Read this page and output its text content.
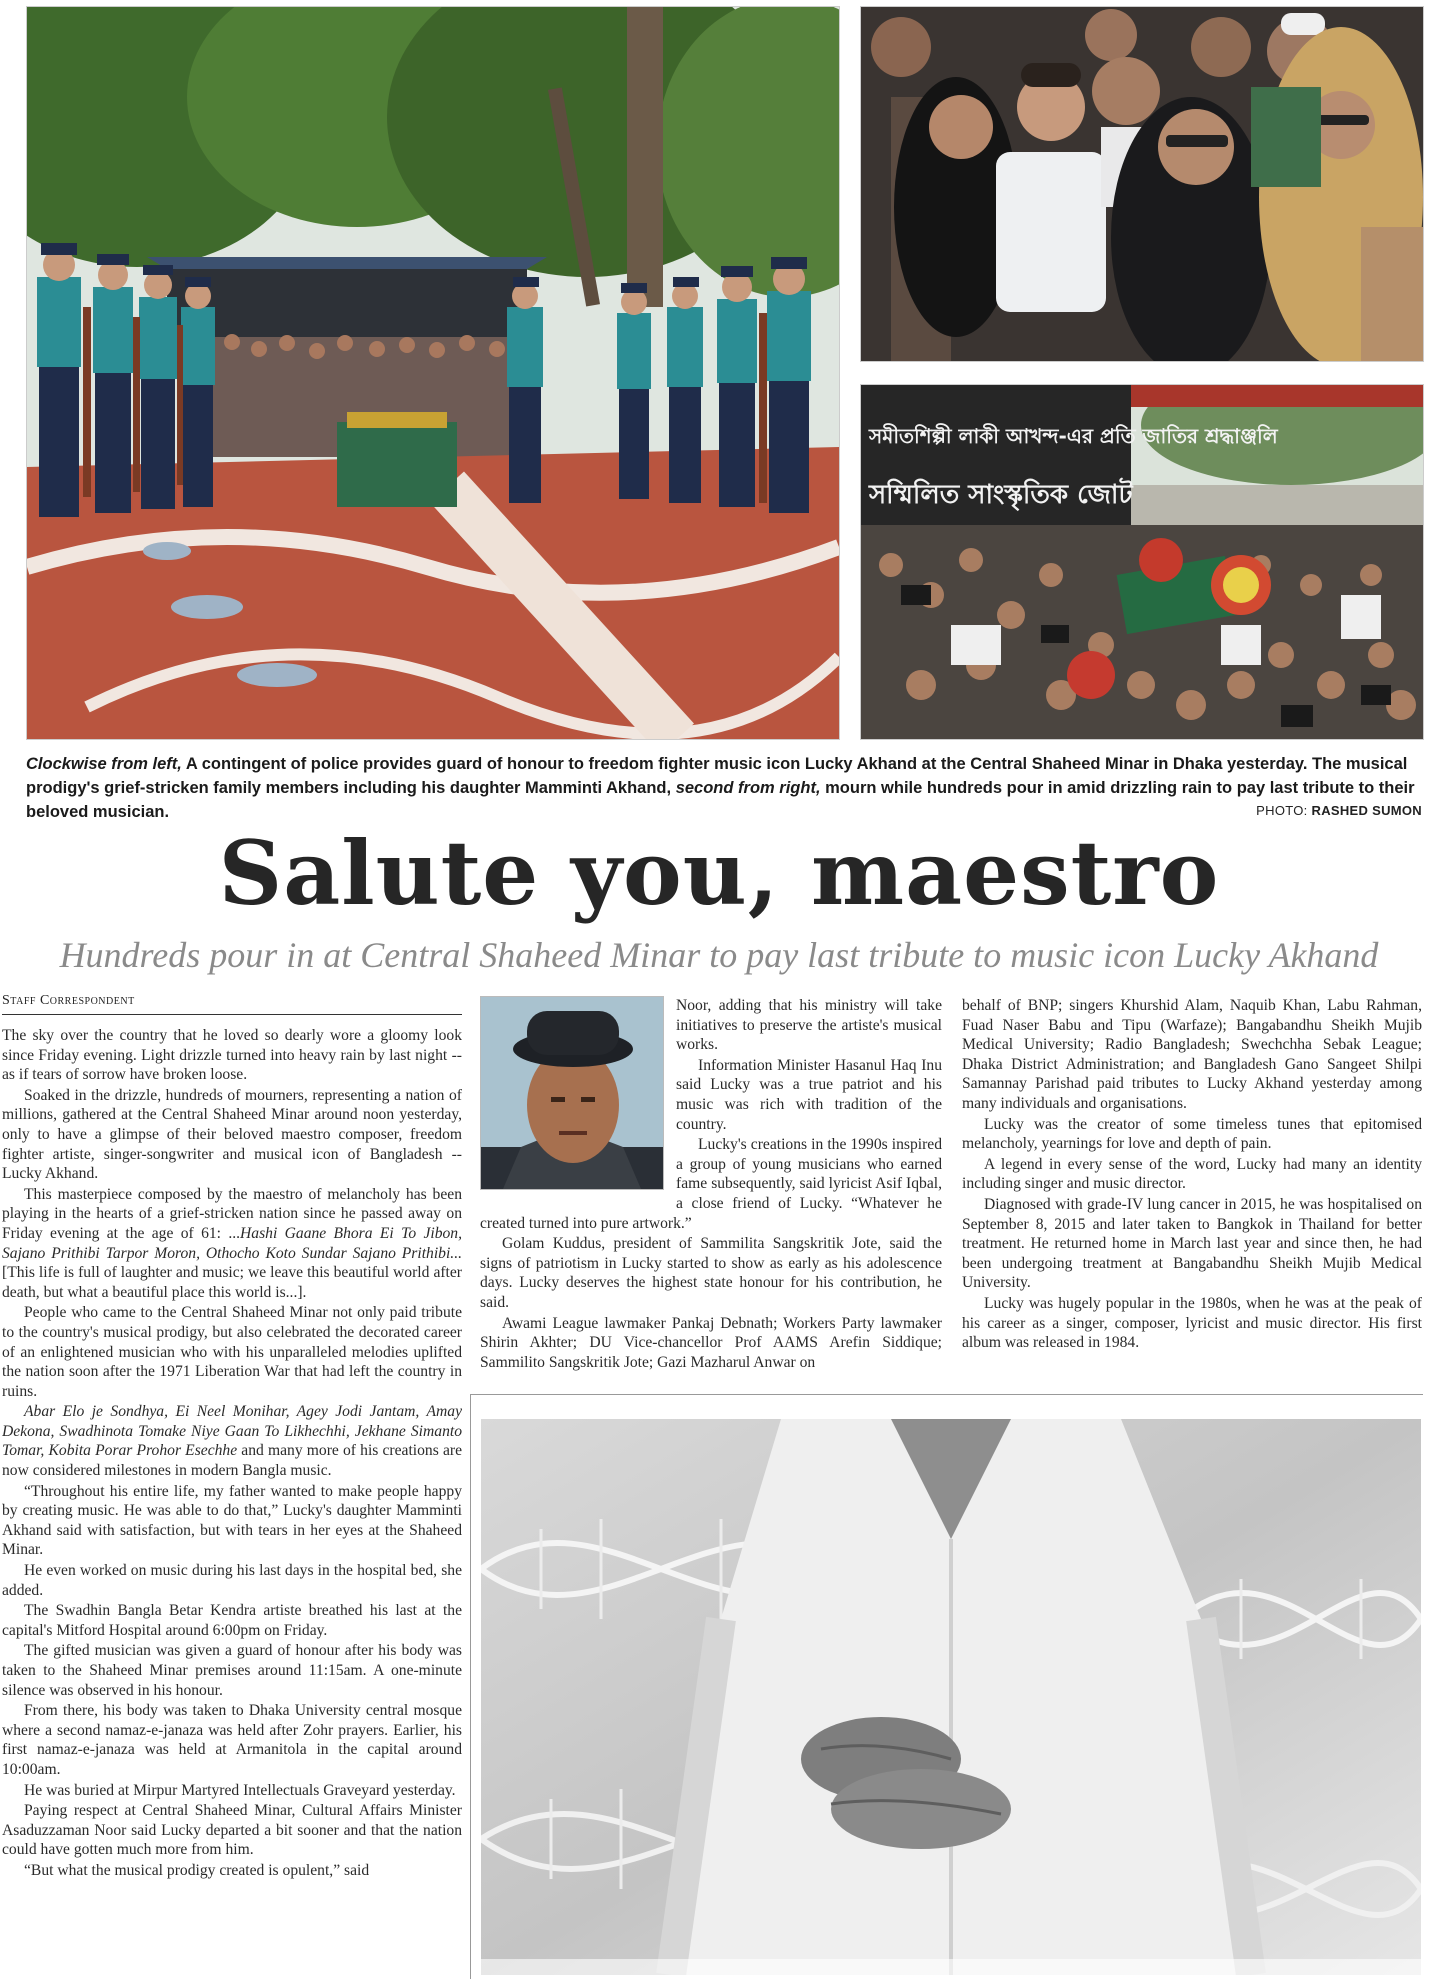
সমীতশিল্পী লাকী আখন্দ-এর প্রতি জাতির শ্রদ্ধাঞ্জলি
সম্মিলিত সাংস্কৃতিক জোট
Clockwise from left, A contingent of police provides guard of honour to freedom fighter music icon Lucky Akhand at the Central Shaheed Minar in Dhaka yesterday. The musical prodigy's grief-stricken family members including his daughter Mamminti Akhand, second from right, mourn while hundreds pour in amid drizzling rain to pay last tribute to their beloved musician.	PHOTO: RASHED SUMON
Salute you, maestro
Hundreds pour in at Central Shaheed Minar to pay last tribute to music icon Lucky Akhand
Staff Correspondent

The sky over the country that he loved so dearly wore a gloomy look since Friday evening. Light drizzle turned into heavy rain by last night -- as if tears of sorrow have broken loose.

Soaked in the drizzle, hundreds of mourners, representing a nation of millions, gathered at the Central Shaheed Minar around noon yesterday, only to have a glimpse of their beloved maestro composer, freedom fighter artiste, singer-songwriter and musical icon of Bangladesh -- Lucky Akhand.

This masterpiece composed by the maestro of melancholy has been playing in the hearts of a grief-stricken nation since he passed away on Friday evening at the age of 61: ...Hashi Gaane Bhora Ei To Jibon, Sajano Prithibi Tarpor Moron, Othocho Koto Sundar Sajano Prithibi... [This life is full of laughter and music; we leave this beautiful world after death, but what a beautiful place this world is...].

People who came to the Central Shaheed Minar not only paid tribute to the country's musical prodigy, but also celebrated the decorated career of an enlightened musician who with his unparalleled melodies uplifted the nation soon after the 1971 Liberation War that had left the country in ruins.

Abar Elo je Sondhya, Ei Neel Monihar, Agey Jodi Jantam, Amay Dekona, Swadhinota Tomake Niye Gaan To Likhechhi, Jekhane Simanto Tomar, Kobita Porar Prohor Esechhe and many more of his creations are now considered milestones in modern Bangla music.

“Throughout his entire life, my father wanted to make people happy by creating music. He was able to do that,” Lucky's daughter Mamminti Akhand said with satisfaction, but with tears in her eyes at the Shaheed Minar.

He even worked on music during his last days in the hospital bed, she added.

The Swadhin Bangla Betar Kendra artiste breathed his last at the capital's Mitford Hospital around 6:00pm on Friday.

The gifted musician was given a guard of honour after his body was taken to the Shaheed Minar premises around 11:15am. A one-minute silence was observed in his honour.

From there, his body was taken to Dhaka University central mosque where a second namaz-e-janaza was held after Zohr prayers. Earlier, his first namaz-e-janaza was held at Armanitola in the capital around 10:00am.

He was buried at Mirpur Martyred Intellectuals Graveyard yesterday.

Paying respect at Central Shaheed Minar, Cultural Affairs Minister Asaduzzaman Noor said Lucky departed a bit sooner and that the nation could have gotten much more from him.

“But what the musical prodigy created is opulent,” said

Noor, adding that his ministry will take initiatives to preserve the artiste's musical works.

Information Minister Hasanul Haq Inu said Lucky was a true patriot and his music was rich with tradition of the country.

Lucky's creations in the 1990s inspired a group of young musicians who earned fame subsequently, said lyricist Asif Iqbal, a close friend of Lucky. “Whatever he created turned into pure artwork.”

Golam Kuddus, president of Sammilita Sangskritik Jote, said the signs of patriotism in Lucky started to show as early as his adolescence days. Lucky deserves the highest state honour for his contribution, he said.

Awami League lawmaker Pankaj Debnath; Workers Party lawmaker Shirin Akhter; DU Vice-chancellor Prof AAMS Arefin Siddique; Sammilito Sangskritik Jote; Gazi Mazharul Anwar on

behalf of BNP; singers Khurshid Alam, Naquib Khan, Labu Rahman, Fuad Naser Babu and Tipu (Warfaze); Bangabandhu Sheikh Mujib Medical University; Radio Bangladesh; Swechchha Sebak League; Dhaka District Administration; and Bangladesh Gano Sangeet Shilpi Samannay Parishad paid tributes to Lucky Akhand yesterday among many individuals and organisations.

Lucky was the creator of some timeless tunes that epitomised melancholy, yearnings for love and depth of pain.

A legend in every sense of the word, Lucky had many an identity including singer and music director.

Diagnosed with grade-IV lung cancer in 2015, he was hospitalised on September 8, 2015 and later taken to Bangkok in Thailand for better treatment. He returned home in March last year and since then, he had been undergoing treatment at Bangabandhu Sheikh Mujib Medical University.

Lucky was hugely popular in the 1980s, when he was at the peak of his career as a singer, composer, lyricist and music director. His first album was released in 1984.
